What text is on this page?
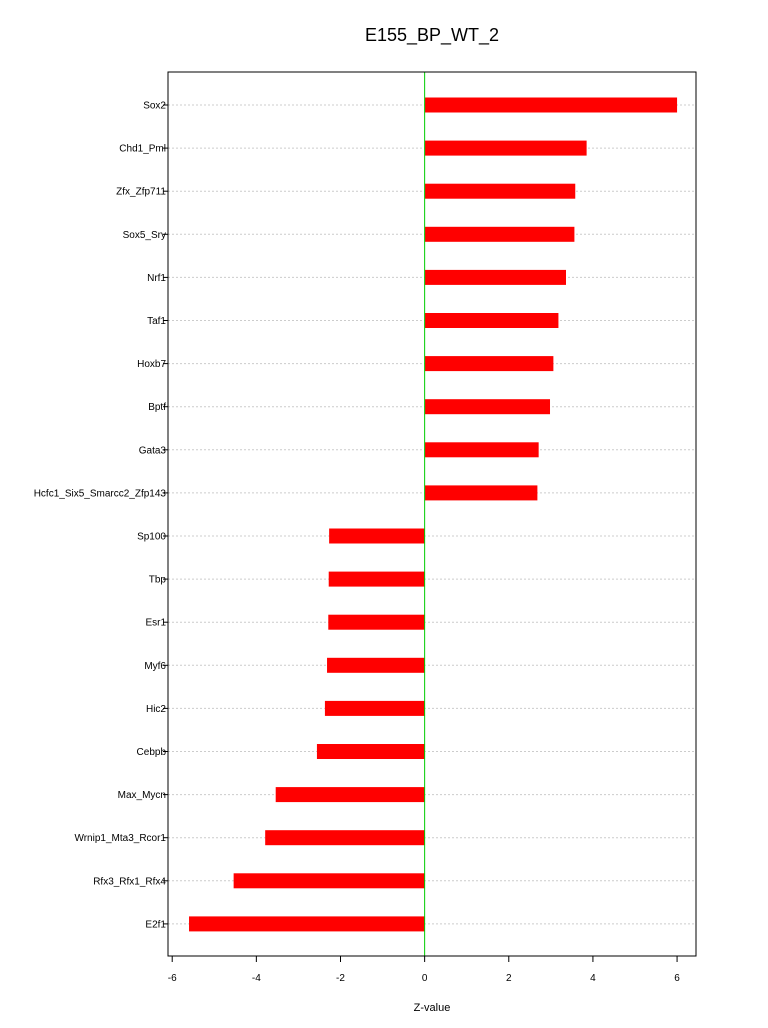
E155_BP_WT_2
Sox2
Chd1_Pml
Zfx_Zfp711
Sox5_Sry
Nrf1
Taf1
Hoxb7
Bptf
Gata3
Hcfc1_Six5_Smarcc2_Zfp143
Sp100
Tbp
Esr1
Myf6
Hic2
Cebpb
Max_Mycn
Wrnip1_Mta3_Rcor1
Rfx3_Rfx1_Rfx4
E2f1
-6	-4	-2	0	2	4	6
Z-value
